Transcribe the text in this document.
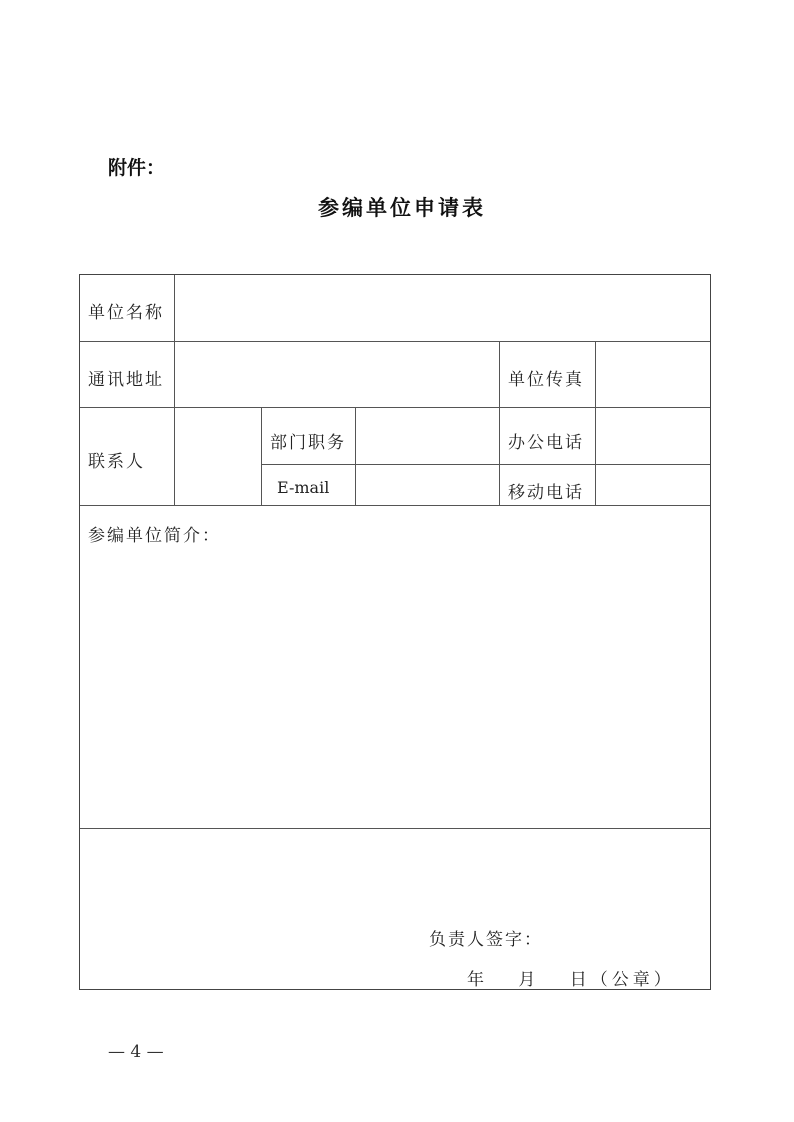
附件：
参编单位申请表
单位名称
通讯地址	单位传真
联系人
部门职务	办公电话
E-mail	移动电话
参编单位简介：
负责人签字：
年　 月　 日（公章）
— 4 —
